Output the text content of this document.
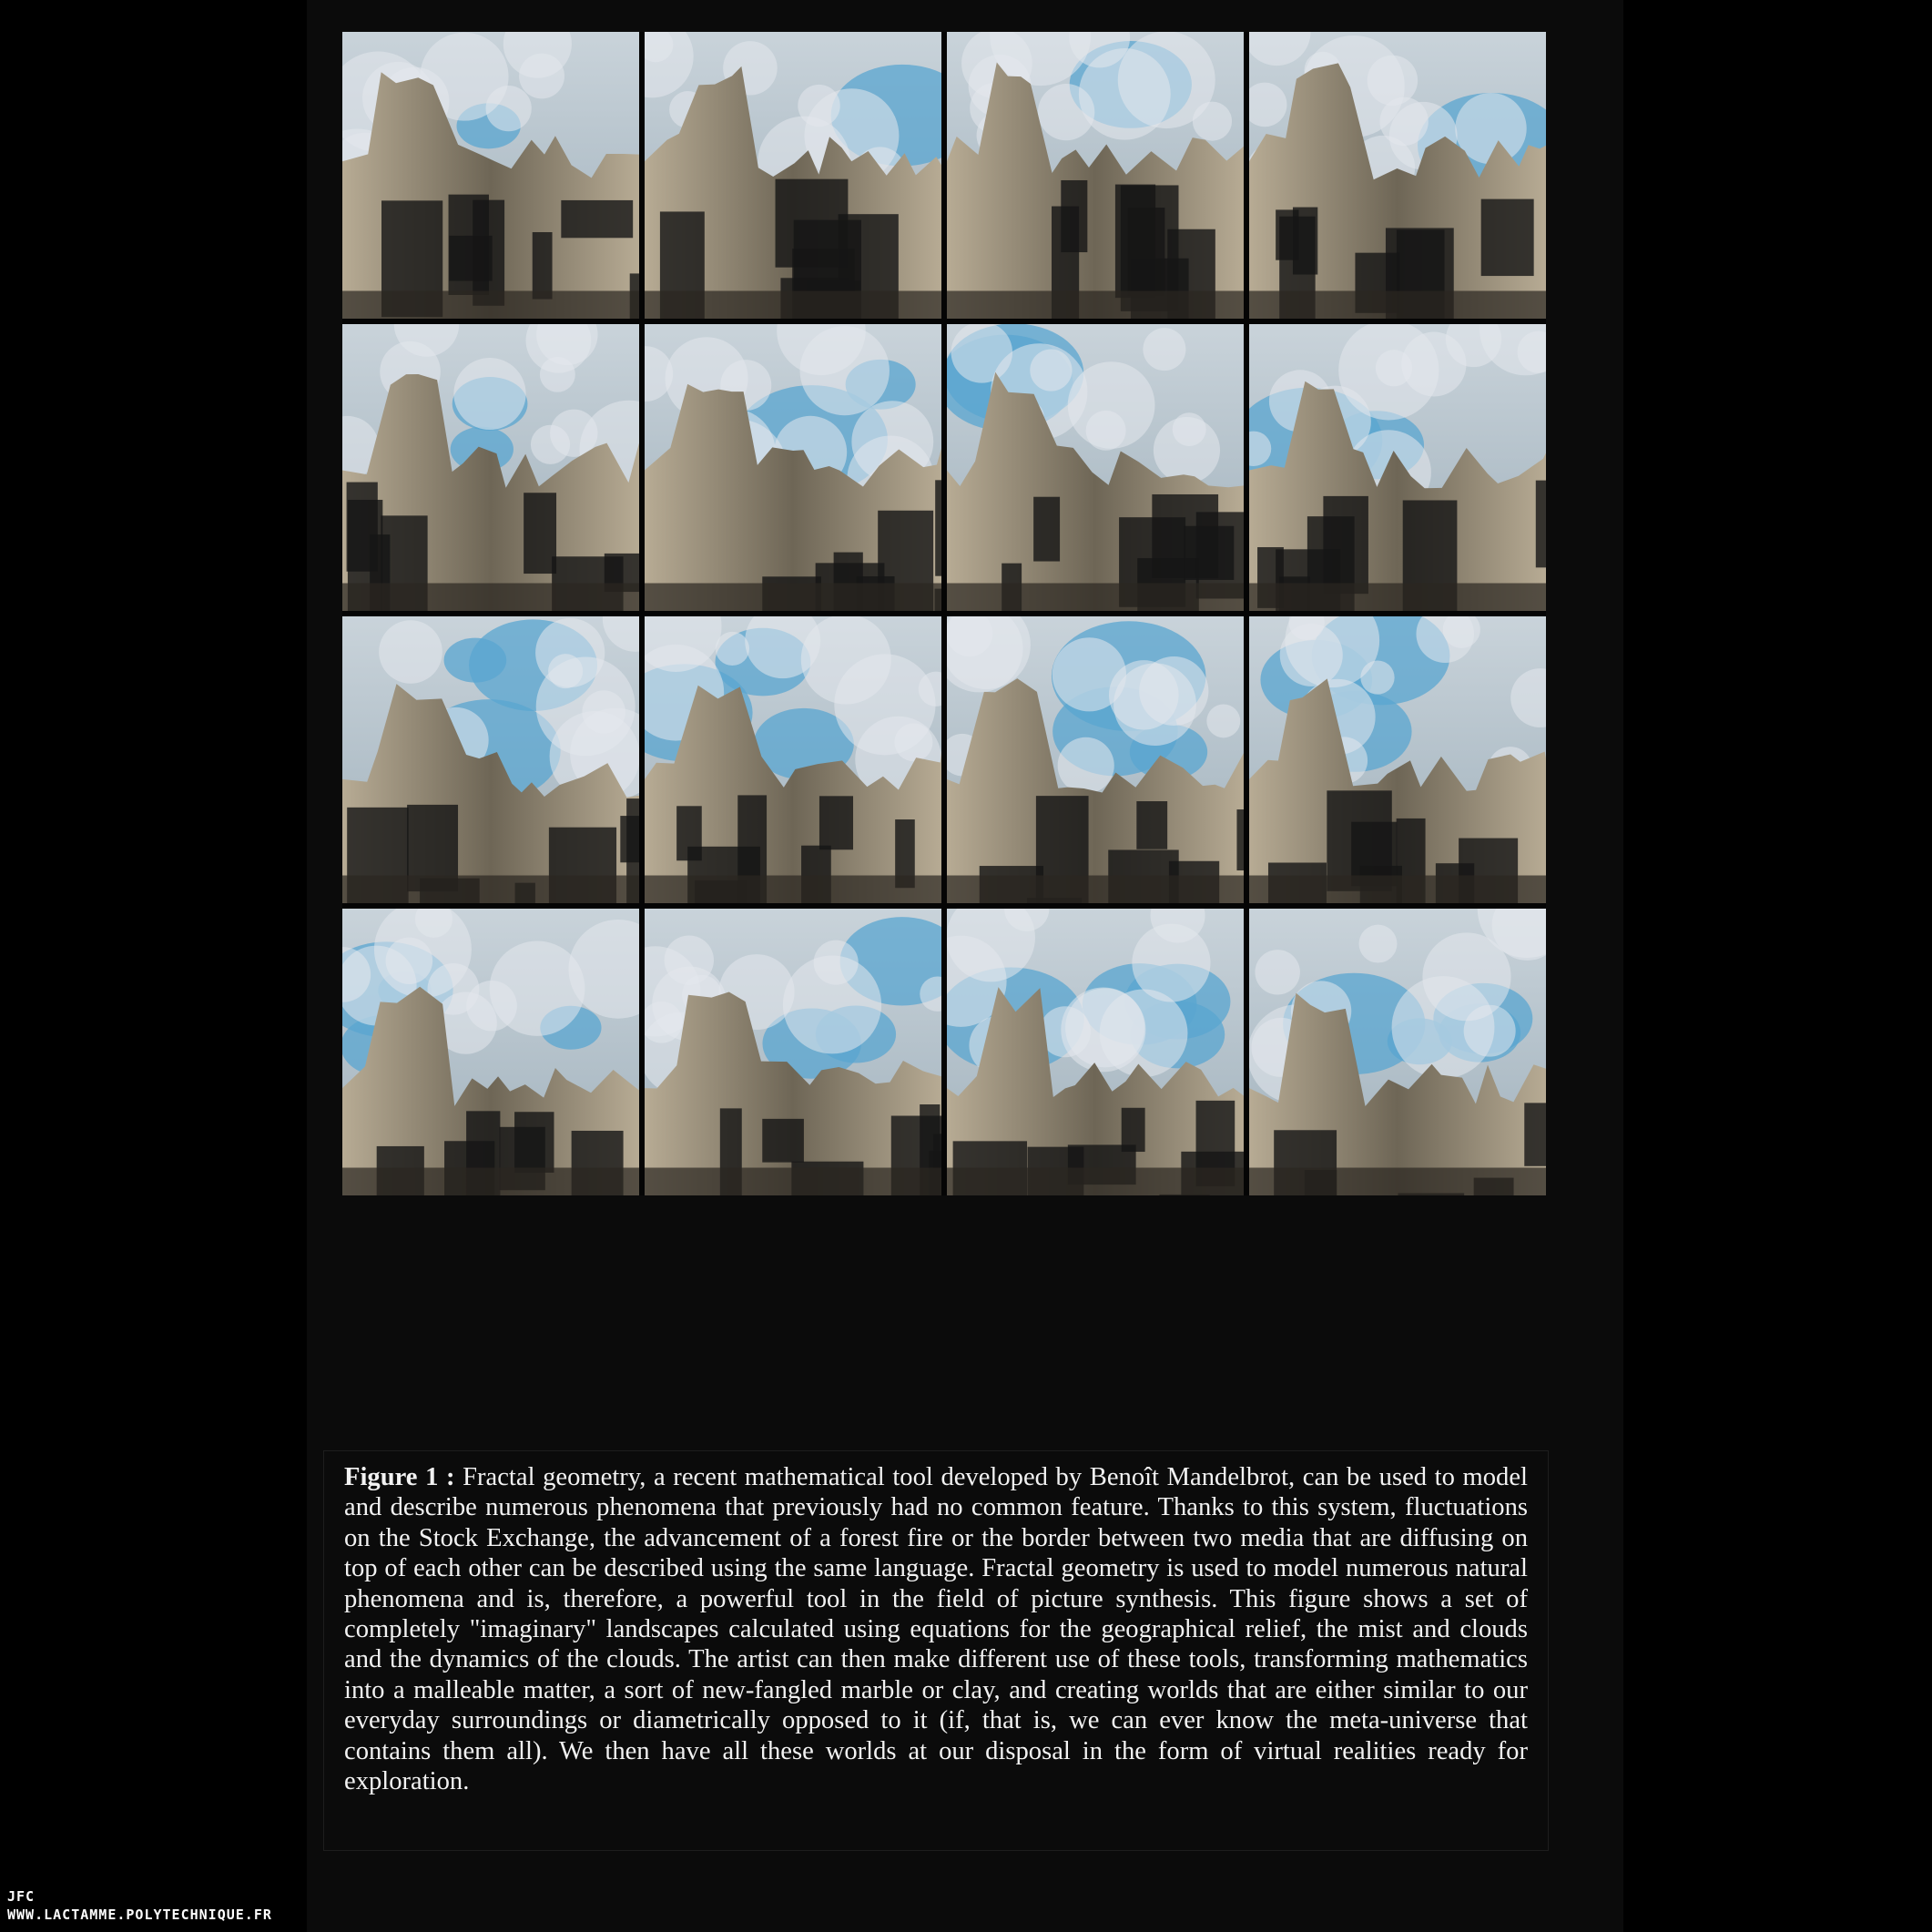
Figure 1 : Fractal geometry, a recent mathematical tool developed by Benoît Mandelbrot, can be used to model and describe numerous phenomena that previously had no common feature. Thanks to this system, fluctuations on the Stock Exchange, the advancement of a forest fire or the border between two media that are diffusing on top of each other can be described using the same language. Fractal geometry is used to model numerous natural phenomena and is, therefore, a powerful tool in the field of picture synthesis. This figure shows a set of completely "imaginary" landscapes calculated using equations for the geographical relief, the mist and clouds and the dynamics of the clouds. The artist can then make different use of these tools, transforming mathematics into a malleable matter, a sort of new-fangled marble or clay, and creating worlds that are either similar to our everyday surroundings or diametrically opposed to it (if, that is, we can ever know the meta-universe that contains them all). We then have all these worlds at our disposal in the form of virtual realities ready for exploration.

JFC
WWW.LACTAMME.POLYTECHNIQUE.FR
